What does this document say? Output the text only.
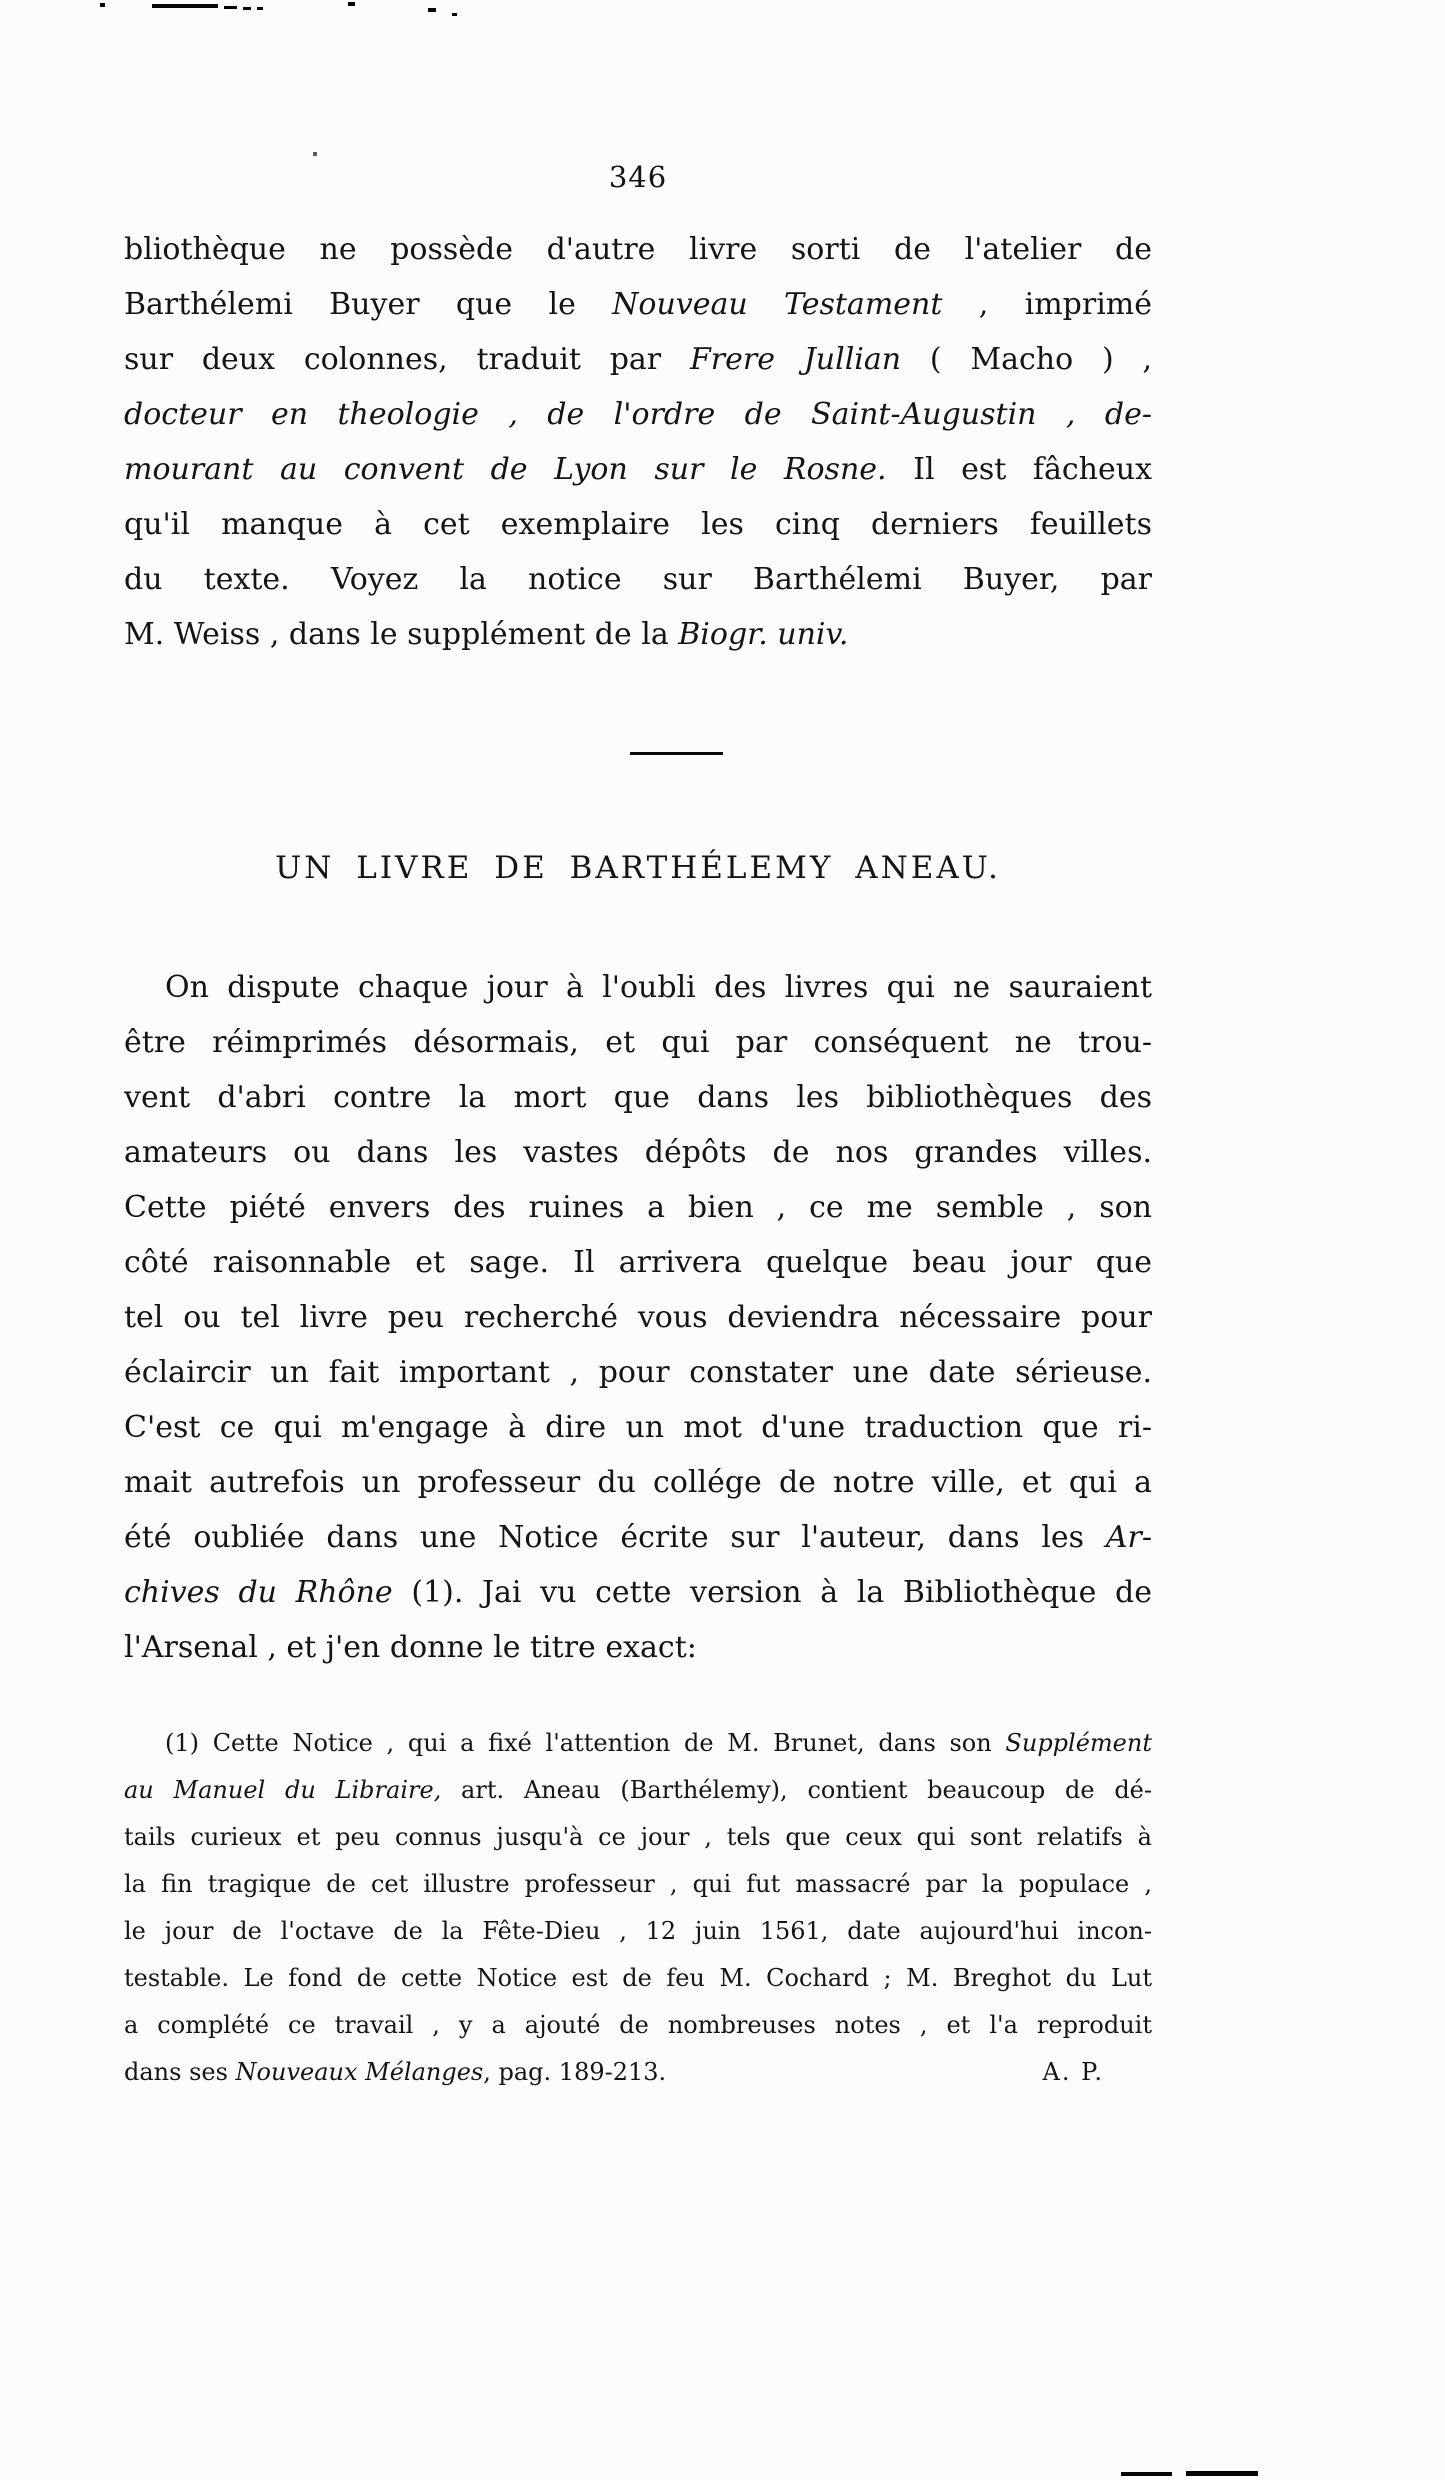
346
bliothèque ne possède d'autre livre sorti de l'atelier de
Barthélemi Buyer que le Nouveau Testament , imprimé
sur deux colonnes, traduit par Frere Jullian ( Macho ) ,
docteur en theologie , de l'ordre de Saint-Augustin , de-
mourant au convent de Lyon sur le Rosne. Il est fâcheux
qu'il manque à cet exemplaire les cinq derniers feuillets
du texte. Voyez la notice sur Barthélemi Buyer, par
M. Weiss , dans le supplément de la Biogr. univ.
UN LIVRE DE BARTHÉLEMY ANEAU.
On dispute chaque jour à l'oubli des livres qui ne sauraient
être réimprimés désormais, et qui par conséquent ne trou-
vent d'abri contre la mort que dans les bibliothèques des
amateurs ou dans les vastes dépôts de nos grandes villes.
Cette piété envers des ruines a bien , ce me semble , son
côté raisonnable et sage. Il arrivera quelque beau jour que
tel ou tel livre peu recherché vous deviendra nécessaire pour
éclaircir un fait important , pour constater une date sérieuse.
C'est ce qui m'engage à dire un mot d'une traduction que ri-
mait autrefois un professeur du collége de notre ville, et qui a
été oubliée dans une Notice écrite sur l'auteur, dans les Ar-
chives du Rhône (1). Jai vu cette version à la Bibliothèque de
l'Arsenal , et j'en donne le titre exact:
(1) Cette Notice , qui a fixé l'attention de M. Brunet, dans son Supplément
au Manuel du Libraire, art. Aneau (Barthélemy), contient beaucoup de dé-
tails curieux et peu connus jusqu'à ce jour , tels que ceux qui sont relatifs à
la fin tragique de cet illustre professeur , qui fut massacré par la populace ,
le jour de l'octave de la Fête-Dieu , 12 juin 1561, date aujourd'hui incon-
testable. Le fond de cette Notice est de feu M. Cochard ; M. Breghot du Lut
a complété ce travail , y a ajouté de nombreuses notes , et l'a reproduit
dans ses Nouveaux Mélanges, pag. 189-213.	A. P.
